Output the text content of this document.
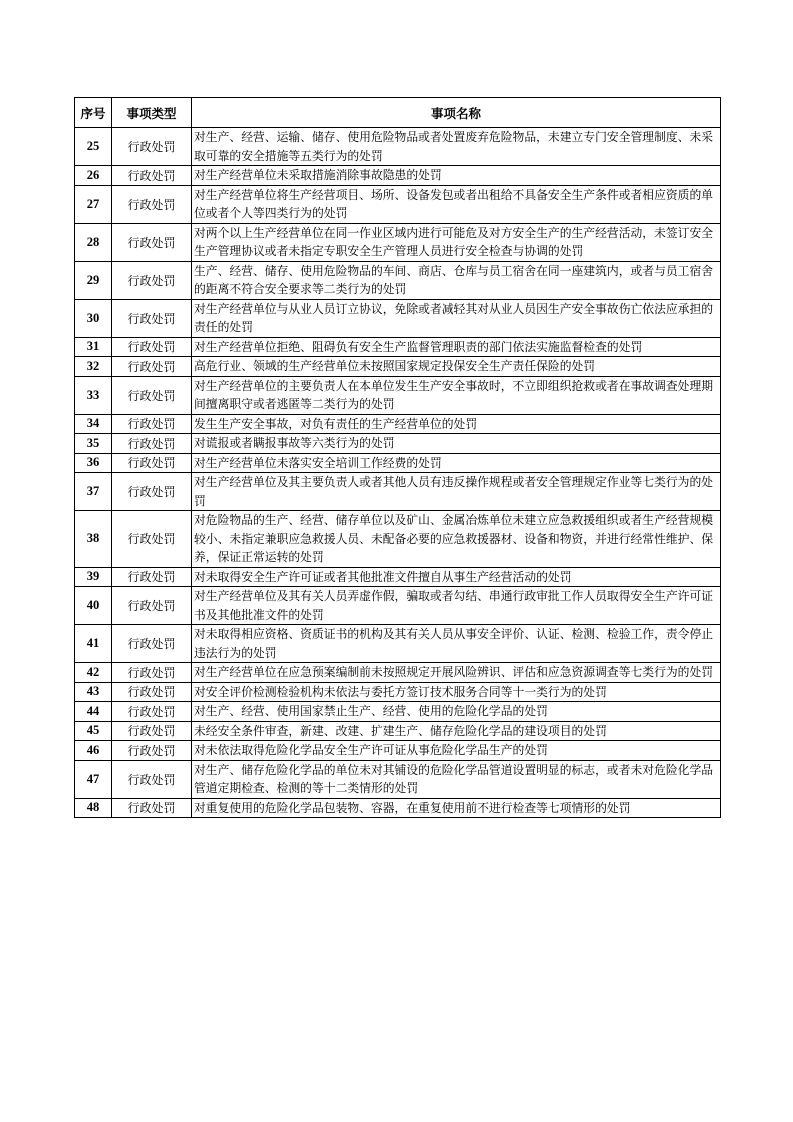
序号	事项类型	事项名称
25	行政处罚	对生产、经营、运输、储存、使用危险物品或者处置废弃危险物品，未建立专门安全管理制度、未采取可靠的安全措施等五类行为的处罚
26	行政处罚	对生产经营单位未采取措施消除事故隐患的处罚
27	行政处罚	对生产经营单位将生产经营项目、场所、设备发包或者出租给不具备安全生产条件或者相应资质的单位或者个人等四类行为的处罚
28	行政处罚	对两个以上生产经营单位在同一作业区域内进行可能危及对方安全生产的生产经营活动，未签订安全生产管理协议或者未指定专职安全生产管理人员进行安全检查与协调的处罚
29	行政处罚	生产、经营、储存、使用危险物品的车间、商店、仓库与员工宿舍在同一座建筑内，或者与员工宿舍的距离不符合安全要求等二类行为的处罚
30	行政处罚	对生产经营单位与从业人员订立协议，免除或者减轻其对从业人员因生产安全事故伤亡依法应承担的责任的处罚
31	行政处罚	对生产经营单位拒绝、阻碍负有安全生产监督管理职责的部门依法实施监督检查的处罚
32	行政处罚	高危行业、领域的生产经营单位未按照国家规定投保安全生产责任保险的处罚
33	行政处罚	对生产经营单位的主要负责人在本单位发生生产安全事故时，不立即组织抢救或者在事故调查处理期间擅离职守或者逃匿等二类行为的处罚
34	行政处罚	发生生产安全事故，对负有责任的生产经营单位的处罚
35	行政处罚	对谎报或者瞒报事故等六类行为的处罚
36	行政处罚	对生产经营单位未落实安全培训工作经费的处罚
37	行政处罚	对生产经营单位及其主要负责人或者其他人员有违反操作规程或者安全管理规定作业等七类行为的处罚
38	行政处罚	对危险物品的生产、经营、储存单位以及矿山、金属冶炼单位未建立应急救援组织或者生产经营规模较小、未指定兼职应急救援人员、未配备必要的应急救援器材、设备和物资，并进行经常性维护、保养，保证正常运转的处罚
39	行政处罚	对未取得安全生产许可证或者其他批准文件擅自从事生产经营活动的处罚
40	行政处罚	对生产经营单位及其有关人员弄虚作假，骗取或者勾结、串通行政审批工作人员取得安全生产许可证书及其他批准文件的处罚
41	行政处罚	对未取得相应资格、资质证书的机构及其有关人员从事安全评价、认证、检测、检验工作，责令停止违法行为的处罚
42	行政处罚	对生产经营单位在应急预案编制前未按照规定开展风险辨识、评估和应急资源调查等七类行为的处罚
43	行政处罚	对安全评价检测检验机构未依法与委托方签订技术服务合同等十一类行为的处罚
44	行政处罚	对生产、经营、使用国家禁止生产、经营、使用的危险化学品的处罚
45	行政处罚	未经安全条件审查，新建、改建、扩建生产、储存危险化学品的建设项目的处罚
46	行政处罚	对未依法取得危险化学品安全生产许可证从事危险化学品生产的处罚
47	行政处罚	对生产、储存危险化学品的单位未对其铺设的危险化学品管道设置明显的标志，或者未对危险化学品管道定期检查、检测的等十二类情形的处罚
48	行政处罚	对重复使用的危险化学品包装物、容器，在重复使用前不进行检查等七项情形的处罚
